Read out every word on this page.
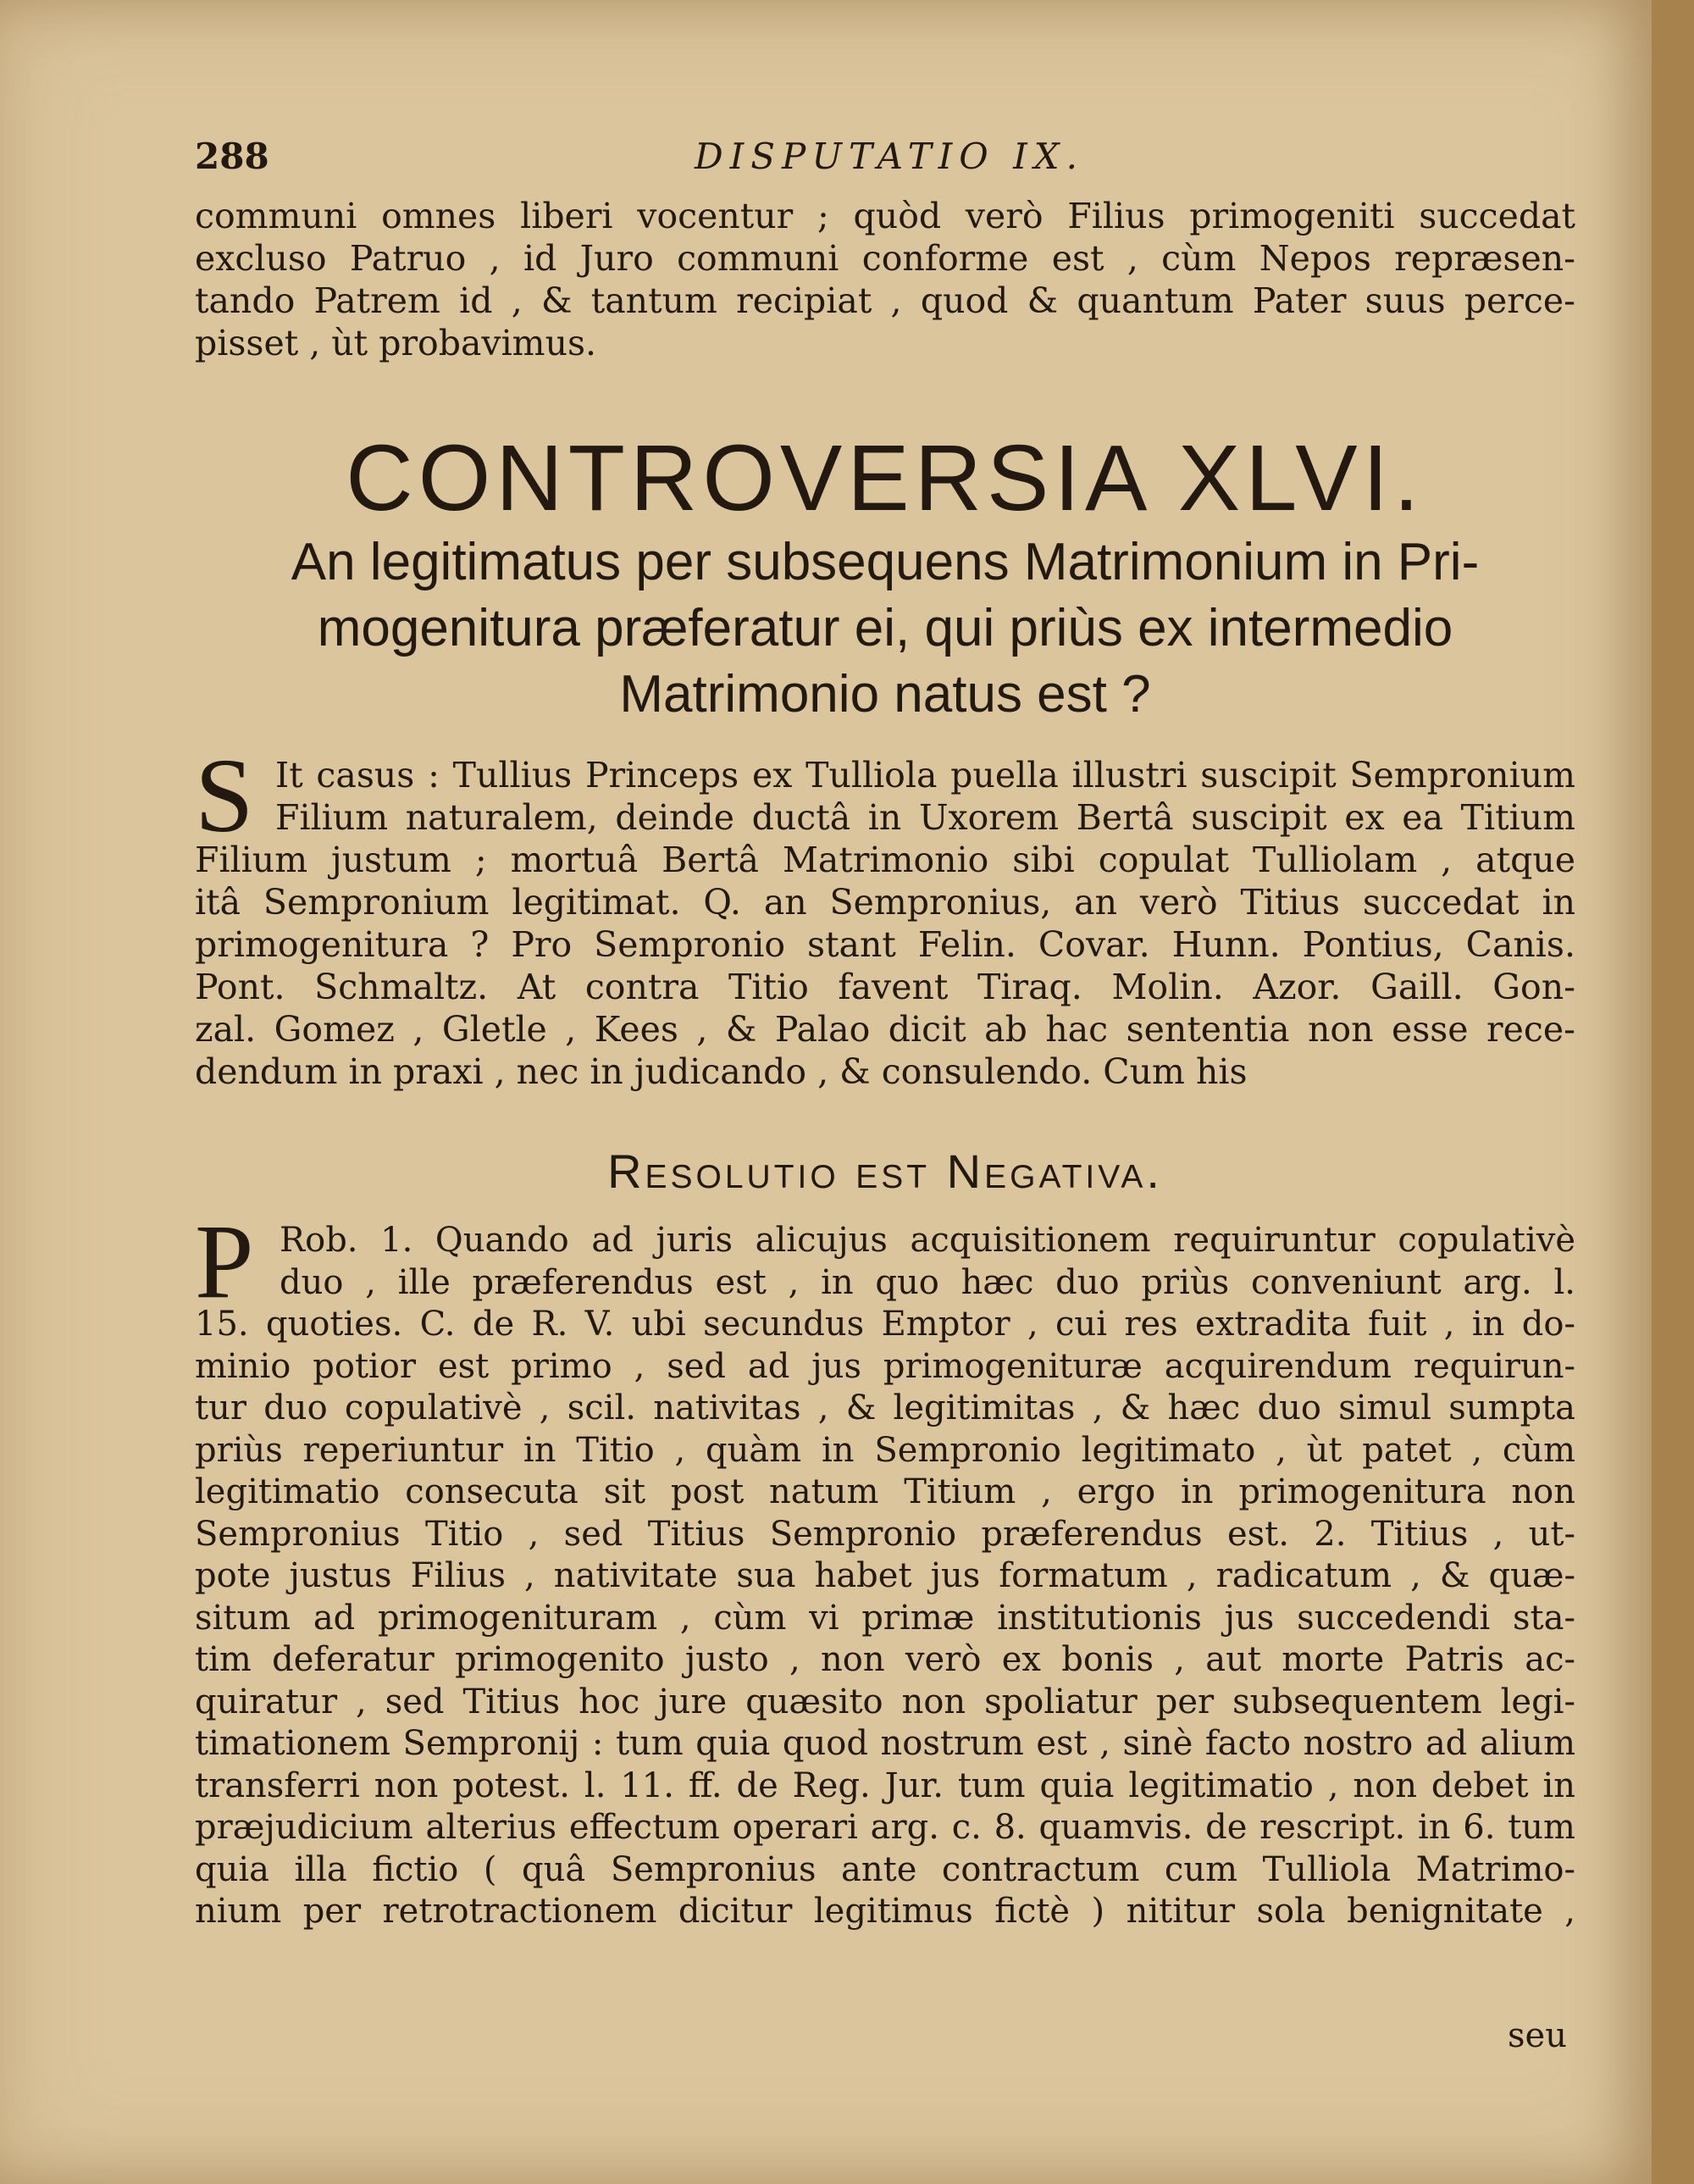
288	DISPUTATIO IX.
communi omnes liberi vocentur ; quòd verò Filius primogeniti succedat
excluso Patruo , id Juro communi conforme est , cùm Nepos repræsen-
tando Patrem id , & tantum recipiat , quod & quantum Pater suus perce-
pisset , ùt probavimus.
CONTROVERSIA XLVI.
An legitimatus per subsequens Matrimonium in Pri-
mogenitura præferatur ei, qui priùs ex intermedio
Matrimonio natus est ?
S It casus : Tullius Princeps ex Tulliola puella illustri suscipit Sempronium
Filium naturalem, deinde ductâ in Uxorem Bertâ suscipit ex ea Titium
Filium justum ; mortuâ Bertâ Matrimonio sibi copulat Tulliolam , atque
itâ Sempronium legitimat. Q. an Sempronius, an verò Titius succedat in
primogenitura ? Pro Sempronio stant Felin. Covar. Hunn. Pontius, Canis.
Pont. Schmaltz. At contra Titio favent Tiraq. Molin. Azor. Gaill. Gon-
zal. Gomez , Gletle , Kees , & Palao dicit ab hac sententia non esse rece-
dendum in praxi , nec in judicando , & consulendo. Cum his
Resolutio est Negativa.
P Rob. 1. Quando ad juris alicujus acquisitionem requiruntur copulativè
duo , ille præferendus est , in quo hæc duo priùs conveniunt arg. l.
15. quoties. C. de R. V. ubi secundus Emptor , cui res extradita fuit , in do-
minio potior est primo , sed ad jus primogenituræ acquirendum requirun-
tur duo copulativè , scil. nativitas , & legitimitas , & hæc duo simul sumpta
priùs reperiuntur in Titio , quàm in Sempronio legitimato , ùt patet , cùm
legitimatio consecuta sit post natum Titium , ergo in primogenitura non
Sempronius Titio , sed Titius Sempronio præferendus est. 2. Titius , ut-
pote justus Filius , nativitate sua habet jus formatum , radicatum , & quæ-
situm ad primogenituram , cùm vi primæ institutionis jus succedendi sta-
tim deferatur primogenito justo , non verò ex bonis , aut morte Patris ac-
quiratur , sed Titius hoc jure quæsito non spoliatur per subsequentem legi-
timationem Sempronij : tum quia quod nostrum est , sinè facto nostro ad alium
transferri non potest. l. 11. ff. de Reg. Jur. tum quia legitimatio , non debet in
præjudicium alterius effectum operari arg. c. 8. quamvis. de rescript. in 6. tum
quia illa fictio ( quâ Sempronius ante contractum cum Tulliola Matrimo-
nium per retrotractionem dicitur legitimus fictè ) nititur sola benignitate ,
seu
